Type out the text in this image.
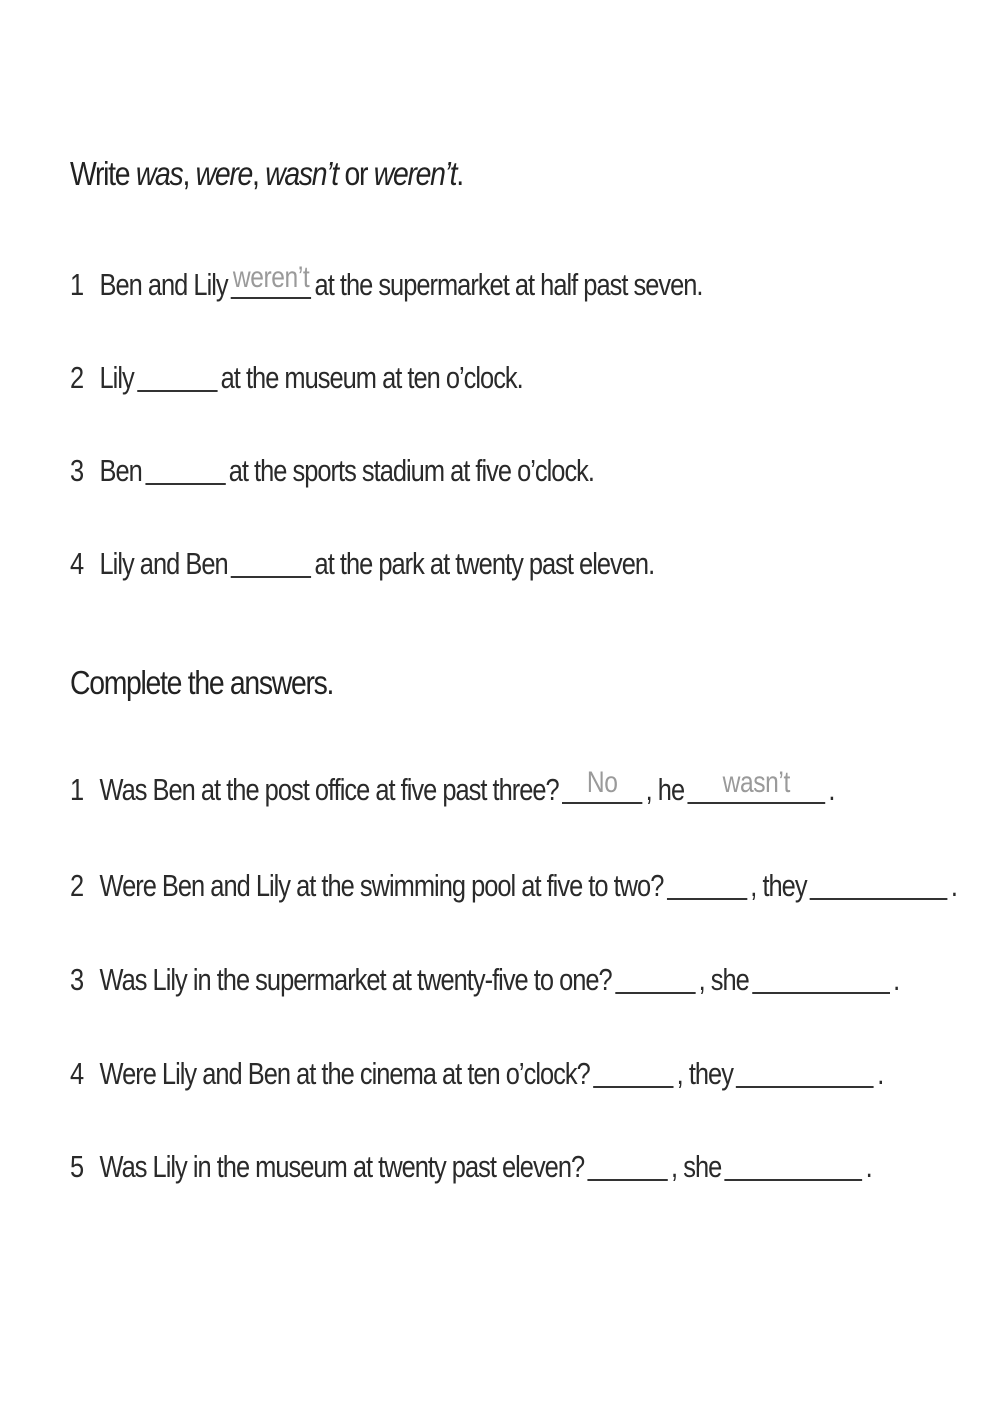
Write was, were, wasn’t or weren’t.
1 Ben and Lily weren’t at the supermarket at half past seven.
2 Lily	at the museum at ten o’clock.
3 Ben	at the sports stadium at five o’clock.
4 Lily and Ben	at the park at twenty past eleven.
Complete the answers.
1 Was Ben at the post office at five past three? No , he	wasn’t	.
2 Were Ben and Lily at the swimming pool at five to two?	, they	.
3 Was Lily in the supermarket at twenty-five to one?	, she	.
4 Were Lily and Ben at the cinema at ten o’clock?	, they	.
5 Was Lily in the museum at twenty past eleven?	, she	.
